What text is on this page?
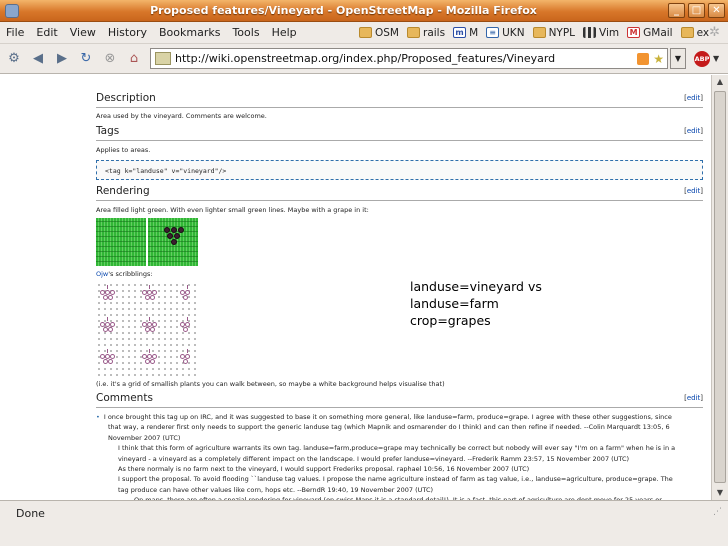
Proposed features/Vineyard - OpenStreetMap - Mozilla Firefox	_	□	✕
File	Edit	View	History	Bookmarks	Tools	Help	OSM rails m M	≡ UKN NYPL Vim	M GMail ex ✲
⚙	◀	▶	↻	⊗	⌂	http://wiki.openstreetmap.org/index.php/Proposed_features/Vineyard	★	▼	ABP ▼
Description	[edit]
Area used by the vineyard. Comments are welcome.
Tags	[edit]
Applies to areas.
<tag k="landuse" v="vineyard"/>
Rendering	[edit]
Area filled light green. With even lighter small green lines. Maybe with a grape in it:
Ojw's scribblings:
landuse=vineyard vs
landuse=farm
crop=grapes
(i.e. it's a grid of smallish plants you can walk between, so maybe a white background helps visualise that)
Comments	[edit]
• I once brought this tag up on IRC, and it was suggested to base it on something more general, like landuse=farm, produce=grape. I agree with these other suggestions, since
that way, a renderer first only needs to support the generic landuse tag (which Mapnik and osmarender do I think) and can then refine if needed. --Colin Marquardt 13:05, 6
November 2007 (UTC)
I think that this form of agriculture warrants its own tag. landuse=farm,produce=grape may technically be correct but nobody will ever say "I'm on a farm" when he is in a
vineyard - a vineyard as a completely different impact on the landscape. I would prefer landuse=vineyard. --Frederik Ramm 23:57, 15 November 2007 (UTC)
As there normaly is no farm next to the vineyard, I would support Frederiks proposal. raphael 10:56, 16 November 2007 (UTC)
I support the proposal. To avoid flooding ``landuse tag values. I propose the name agriculture instead of farm as tag value, i.e., landuse=agriculture, produce=grape. The
tag produce can have other values like corn, hops etc. --BerndR 19:40, 19 November 2007 (UTC)
▲
▼
Done	⋰
